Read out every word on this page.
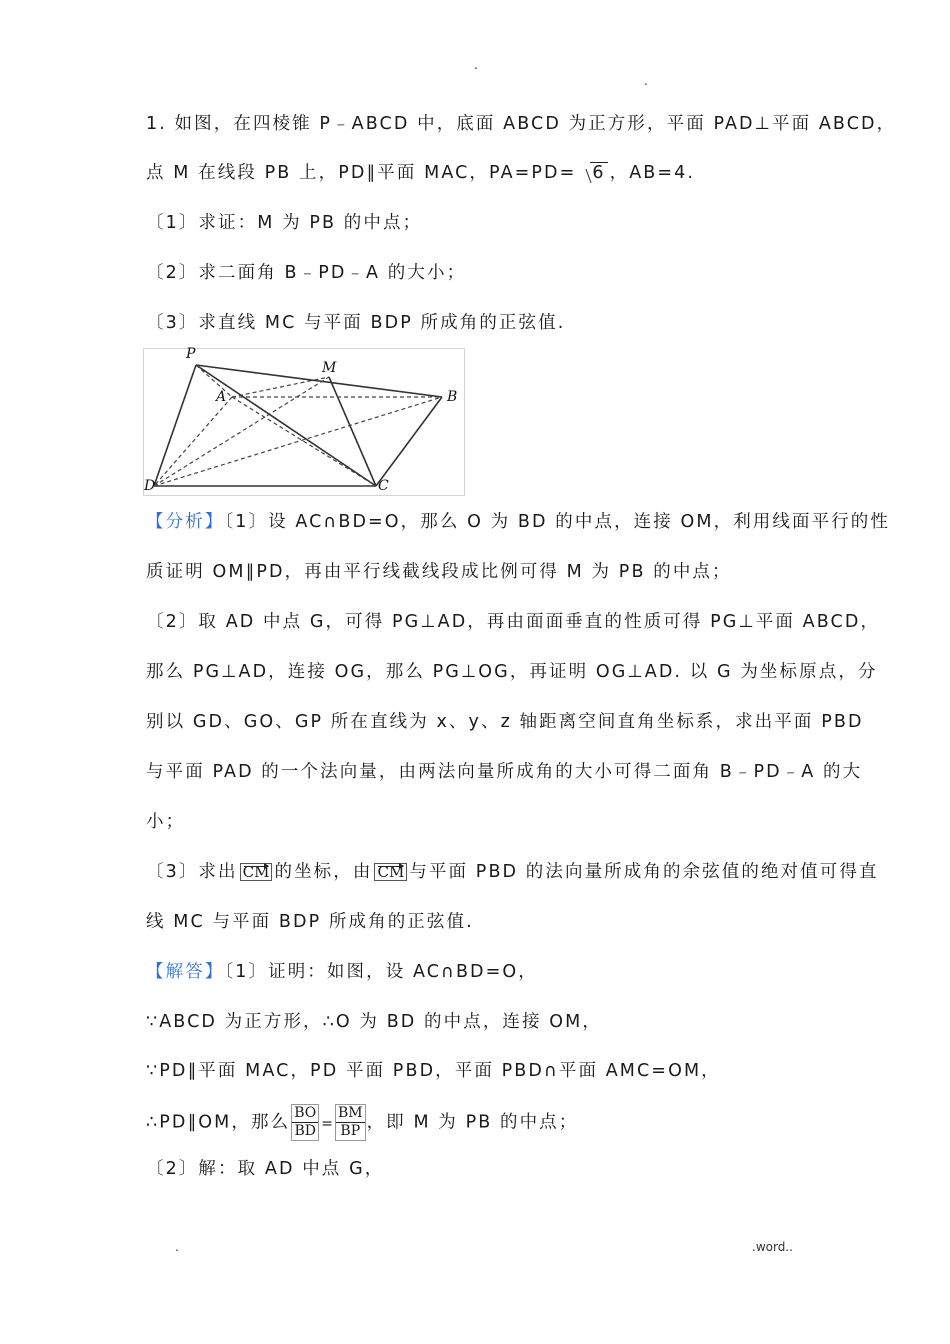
.
.
1. 如图，在四棱锥 P﹣ABCD 中，底面 ABCD 为正方形，平面 PAD⊥平面 ABCD，
点 M 在线段 PB 上，PD∥平面 MAC，PA=PD= 6 ，AB=4.
〔1〕求证：M 为 PB 的中点；
〔2〕求二面角 B﹣PD﹣A 的大小；
〔3〕求直线 MC 与平面 BDP 所成角的正弦值.
P
M
A	B
D	C
【分析】〔1〕设 AC∩BD=O，那么 O 为 BD 的中点，连接 OM，利用线面平行的性
质证明 OM∥PD，再由平行线截线段成比例可得 M 为 PB 的中点；
〔2〕取 AD 中点 G，可得 PG⊥AD，再由面面垂直的性质可得 PG⊥平面 ABCD，
那么 PG⊥AD，连接 OG，那么 PG⊥OG，再证明 OG⊥AD. 以 G 为坐标原点，分
别以 GD、GO、GP 所在直线为 x、y、z 轴距离空间直角坐标系，求出平面 PBD
与平面 PAD 的一个法向量，由两法向量所成角的大小可得二面角 B﹣PD﹣A 的大
小；
〔3〕求出 CM 的坐标，由 CM 与平面 PBD 的法向量所成角的余弦值的绝对值可得直
线 MC 与平面 BDP 所成角的正弦值.
【解答】〔1〕证明：如图，设 AC∩BD=O，
∵ABCD 为正方形，∴O 为 BD 的中点，连接 OM，
∵PD∥平面 MAC，PD 平面 PBD，平面 PBD∩平面 AMC=OM，
∴PD∥OM，那么 $\frac{BO}{BD} = \frac{BM}{BP}$ ，即 M 为 PB 的中点；
〔2〕解：取 AD 中点 G，
.	.word..
